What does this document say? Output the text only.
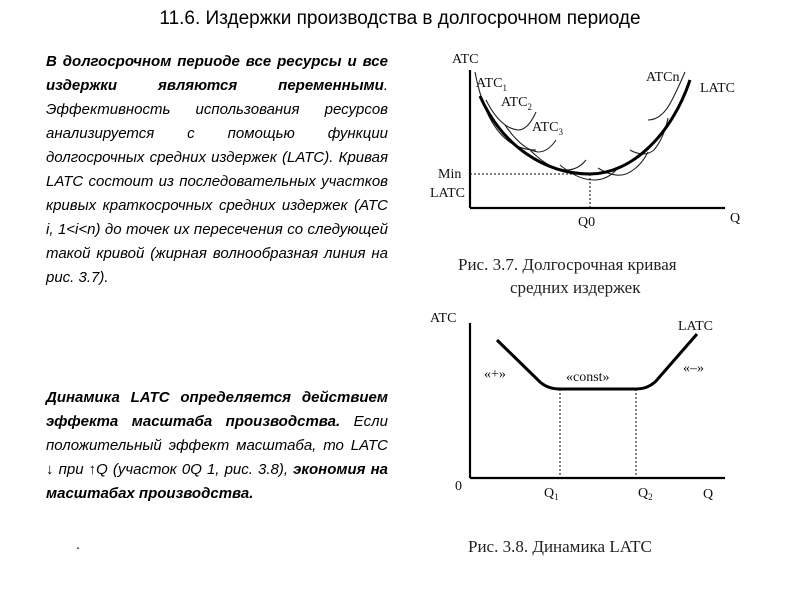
11.6. Издержки производства в долгосрочном периоде
В долгосрочном периоде все ресурсы и все издержки являются переменными. Эффективность использования ресурсов анализируется с помощью функции долгосрочных средних издержек (LATC). Кривая LATC состоит из последовательных участков кривых краткосрочных средних издержек (ATC i, 1<i<n) до точек их пересечения со следующей такой кривой (жирная волнообразная линия на рис. 3.7).
Динамика LATC определяется действием эффекта масштаба производства. Если положительный эффект масштаба, то LATC ↓ при ↑Q (участок 0Q 1, рис. 3.8), экономия на масштабах производства.
.
ATC
Q
$ATC_1$
$ATC_2$
$ATC_3$
ATCn
LATC
Min
LATC
Q0
Рис. 3.7. Долгосрочная кривая
средних издержек
ATC
Q
0
LATC
«+»	«const»
«–»
$Q_1$	$Q_2$
Рис. 3.8. Динамика LATC
